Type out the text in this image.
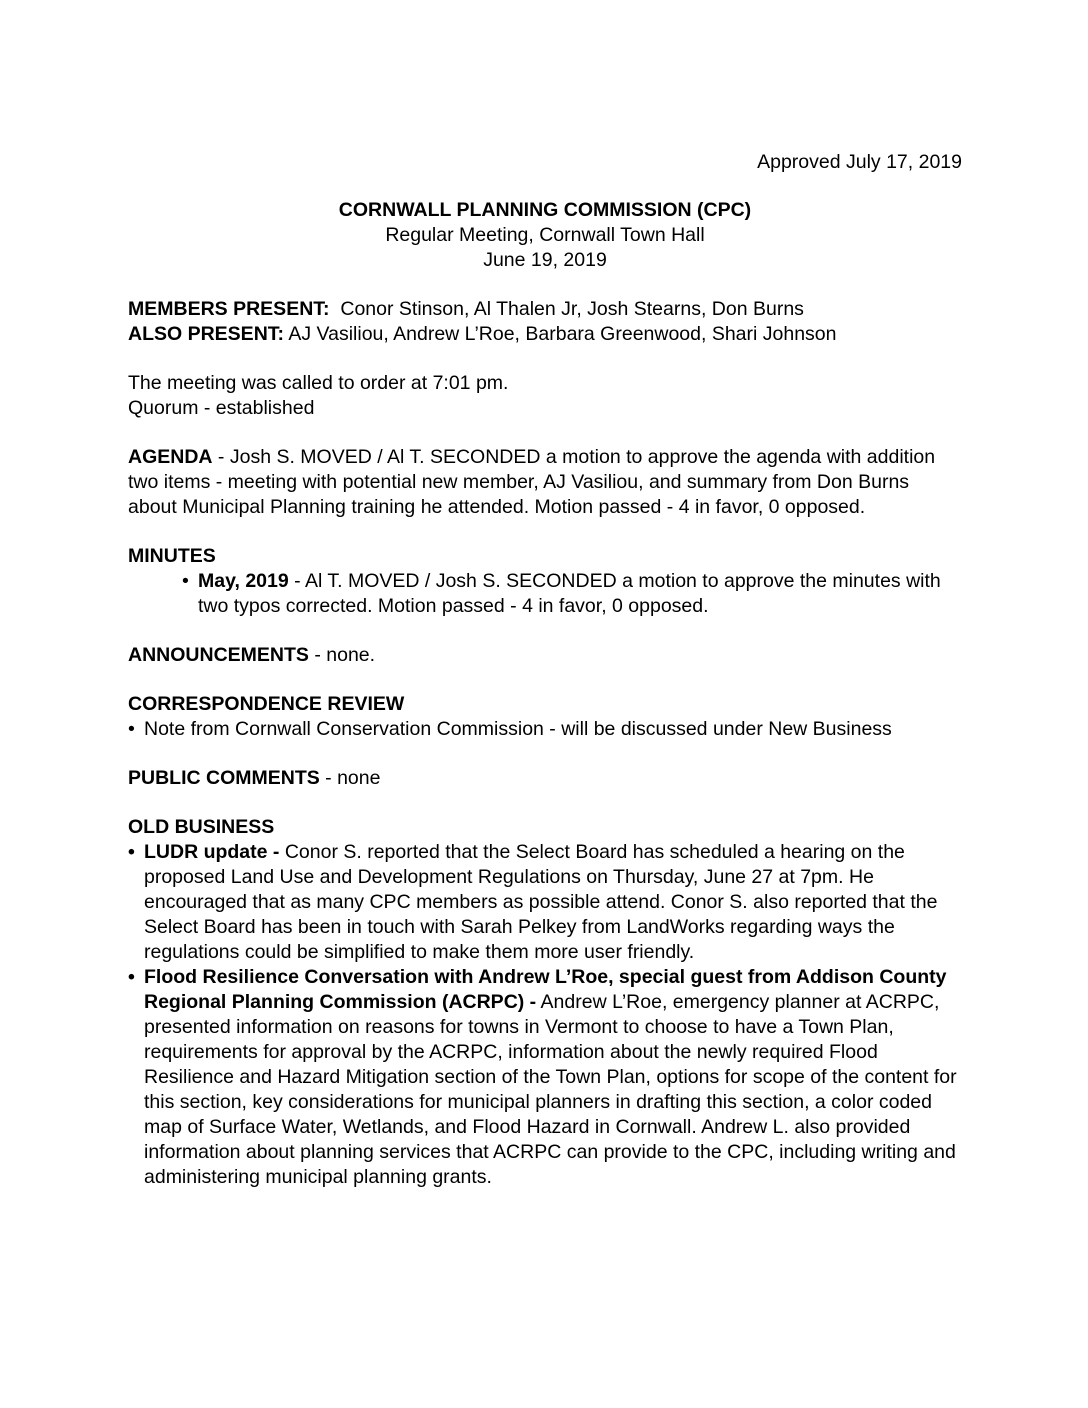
Approved July 17, 2019

CORNWALL PLANNING COMMISSION (CPC)

Regular Meeting, Cornwall Town Hall

June 19, 2019

MEMBERS PRESENT: Conor Stinson, Al Thalen Jr, Josh Stearns, Don Burns

ALSO PRESENT: AJ Vasiliou, Andrew L’Roe, Barbara Greenwood, Shari Johnson

The meeting was called to order at 7:01 pm.

Quorum - established

AGENDA - Josh S. MOVED / Al T. SECONDED a motion to approve the agenda with addition two items - meeting with potential new member, AJ Vasiliou, and summary from Don Burns about Municipal Planning training he attended. Motion passed - 4 in favor, 0 opposed.

MINUTES

• May, 2019 - Al T. MOVED / Josh S. SECONDED a motion to approve the minutes with two typos corrected. Motion passed - 4 in favor, 0 opposed.

ANNOUNCEMENTS - none.

CORRESPONDENCE REVIEW

• Note from Cornwall Conservation Commission - will be discussed under New Business

PUBLIC COMMENTS - none

OLD BUSINESS

• LUDR update - Conor S. reported that the Select Board has scheduled a hearing on the proposed Land Use and Development Regulations on Thursday, June 27 at 7pm. He encouraged that as many CPC members as possible attend. Conor S. also reported that the Select Board has been in touch with Sarah Pelkey from LandWorks regarding ways the regulations could be simplified to make them more user friendly.
• Flood Resilience Conversation with Andrew L’Roe, special guest from Addison County Regional Planning Commission (ACRPC) - Andrew L’Roe, emergency planner at ACRPC, presented information on reasons for towns in Vermont to choose to have a Town Plan, requirements for approval by the ACRPC, information about the newly required Flood Resilience and Hazard Mitigation section of the Town Plan, options for scope of the content for this section, key considerations for municipal planners in drafting this section, a color coded map of Surface Water, Wetlands, and Flood Hazard in Cornwall. Andrew L. also provided information about planning services that ACRPC can provide to the CPC, including writing and administering municipal planning grants.
